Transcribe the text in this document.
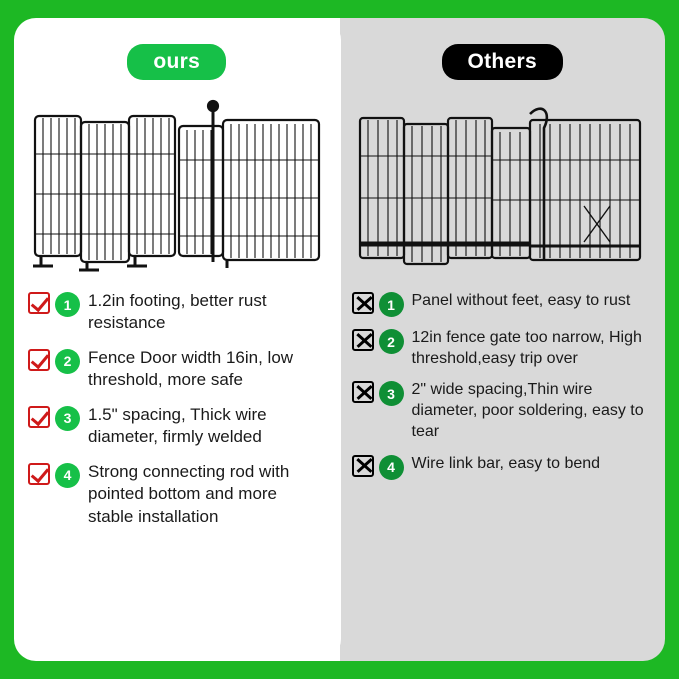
ours
1 1.2in footing, better rust resistance
2 Fence Door width 16in, low threshold, more safe
3 1.5" spacing, Thick wire diameter, firmly welded
4 Strong connecting rod with pointed bottom and more stable installation
Others
1	Panel without feet, easy to rust
2	12in fence gate too narrow, High threshold,easy trip over
3	2" wide spacing,Thin wire diameter, poor soldering, easy to tear
4	Wire link bar, easy to bend
